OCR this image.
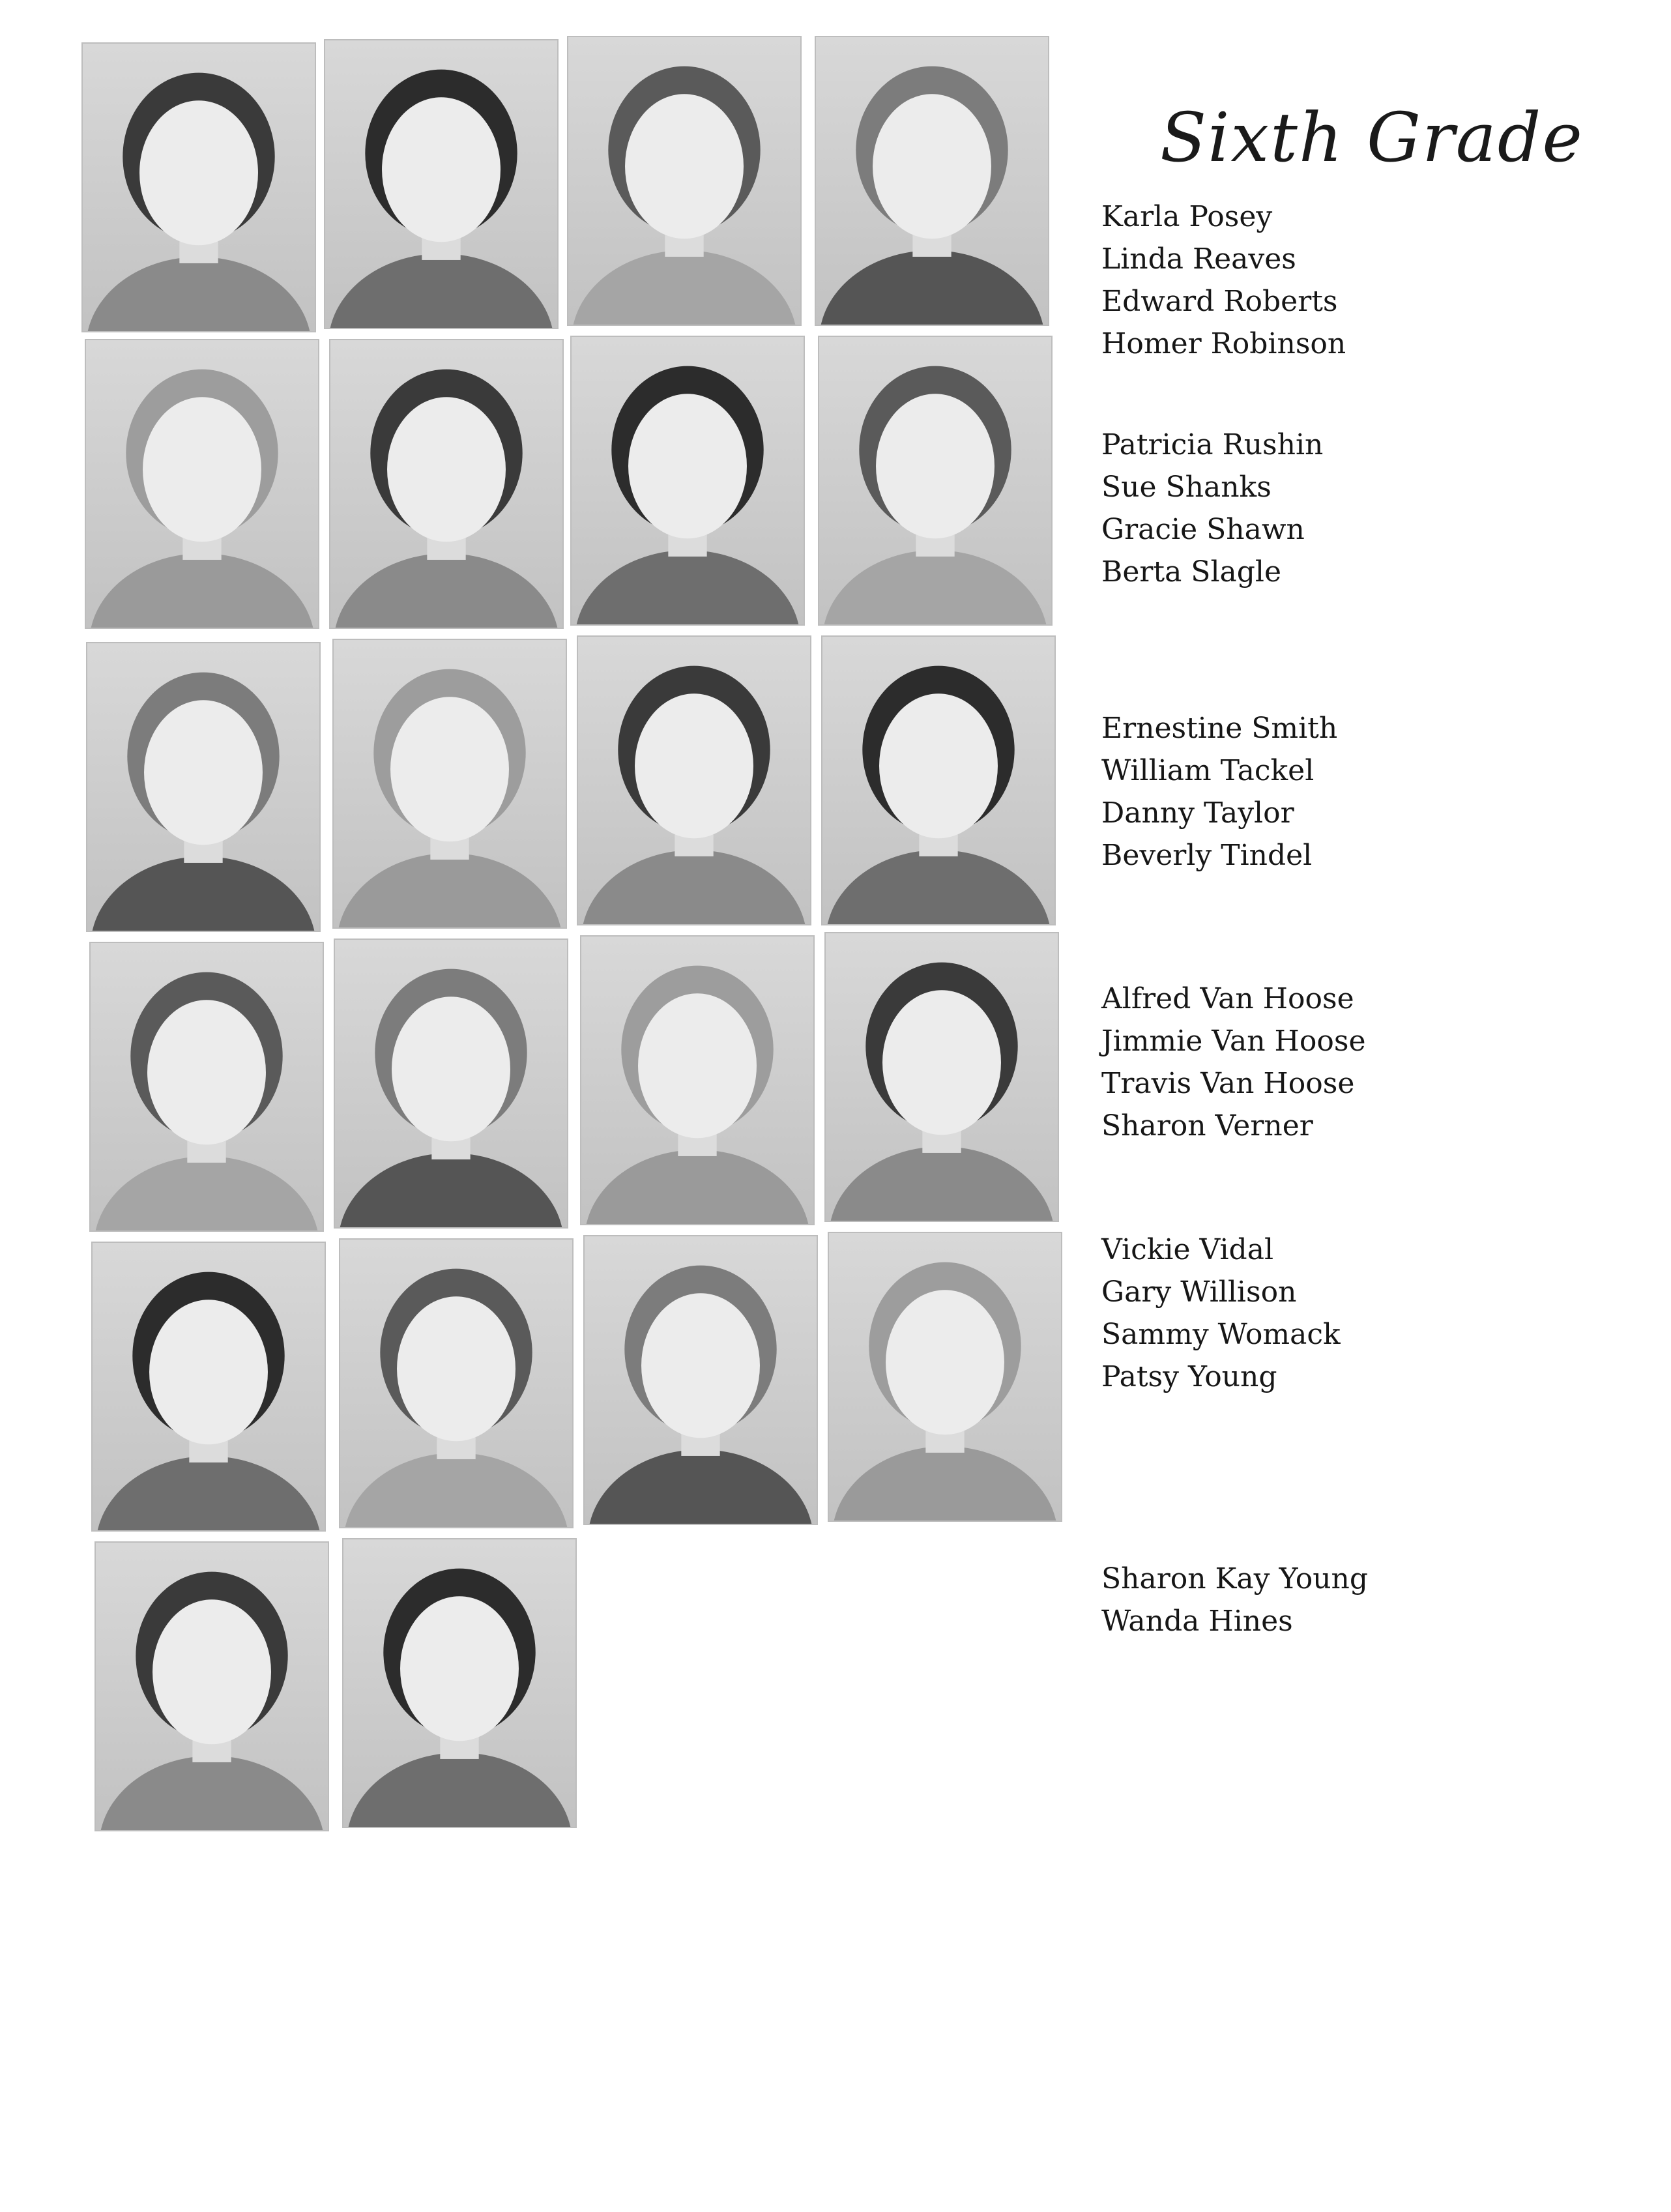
Sixth Grade
Karla Posey
Linda Reaves
Edward Roberts
Homer Robinson
Patricia Rushin
Sue Shanks
Gracie Shawn
Berta Slagle
Ernestine Smith
William Tackel
Danny Taylor
Beverly Tindel
Alfred Van Hoose
Jimmie Van Hoose
Travis Van Hoose
Sharon Verner
Vickie Vidal
Gary Willison
Sammy Womack
Patsy Young
Sharon Kay Young
Wanda Hines
